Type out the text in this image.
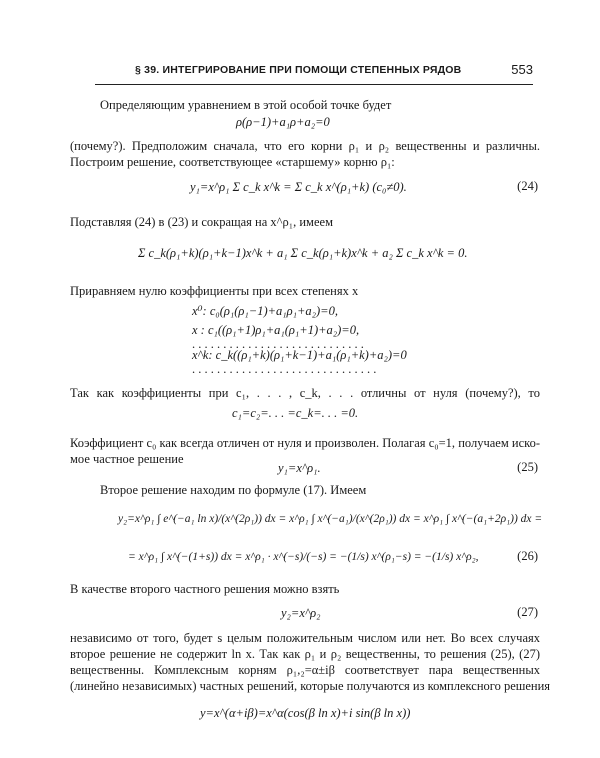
§ 39. ИНТЕГРИРОВАНИЕ ПРИ ПОМОЩИ СТЕПЕННЫХ РЯДОВ	553
Определяющим уравнением в этой особой точке будет
ρ(ρ−1)+a₁ρ+a₂=0
(почему?). Предположим сначала, что его корни ρ₁ и ρ₂ вещественны и различны.
Построим решение, соответствующее «старшему» корню ρ₁:
y₁=x^ρ₁ Σ c_k x^k = Σ c_k x^(ρ₁+k) (c₀≠0).	(24)
Подставляя (24) в (23) и сокращая на x^ρ₁, имеем
Σ c_k(ρ₁+k)(ρ₁+k−1)x^k + a₁ Σ c_k(ρ₁+k)x^k + a₂ Σ c_k x^k = 0.
Приравняем нулю коэффициенты при всех степенях x
x⁰: c₀(ρ₁(ρ₁−1)+a₁ρ₁+a₂)=0,
x : c₁((ρ₁+1)ρ₁+a₁(ρ₁+1)+a₂)=0,
. . . . . . . . . . . . . . . . . . . . . . . . . . . .
x^k: c_k((ρ₁+k)(ρ₁+k−1)+a₁(ρ₁+k)+a₂)=0
. . . . . . . . . . . . . . . . . . . . . . . . . . . . . .
Так как коэффициенты при c₁, . . . , c_k, . . . отличны от нуля (почему?), то
c₁=c₂=. . . =c_k=. . . =0.
Коэффициент c₀ как всегда отличен от нуля и произволен. Полагая c₀=1, получаем иско-
мое частное решение
y₁=x^ρ₁.	(25)
Второе решение находим по формуле (17). Имеем
y₂=x^ρ₁ ∫ e^(−a₁ ln x)/(x^(2ρ₁)) dx = x^ρ₁ ∫ x^(−a₁)/(x^(2ρ₁)) dx = x^ρ₁ ∫ x^(−(a₁+2ρ₁)) dx =
= x^ρ₁ ∫ x^(−(1+s)) dx = x^ρ₁ · x^(−s)/(−s) = −(1/s) x^(ρ₁−s) = −(1/s) x^ρ₂,	(26)
В качестве второго частного решения можно взять
y₂=x^ρ₂	(27)
независимо от того, будет s целым положительным числом или нет. Во всех случаях
второе решение не содержит ln x. Так как ρ₁ и ρ₂ вещественны, то решения (25), (27)
вещественны. Комплексным корням ρ₁,₂=α±iβ соответствует пара вещественных
(линейно независимых) частных решений, которые получаются из комплексного решения
y=x^(α+iβ)=x^α(cos(β ln x)+i sin(β ln x))
